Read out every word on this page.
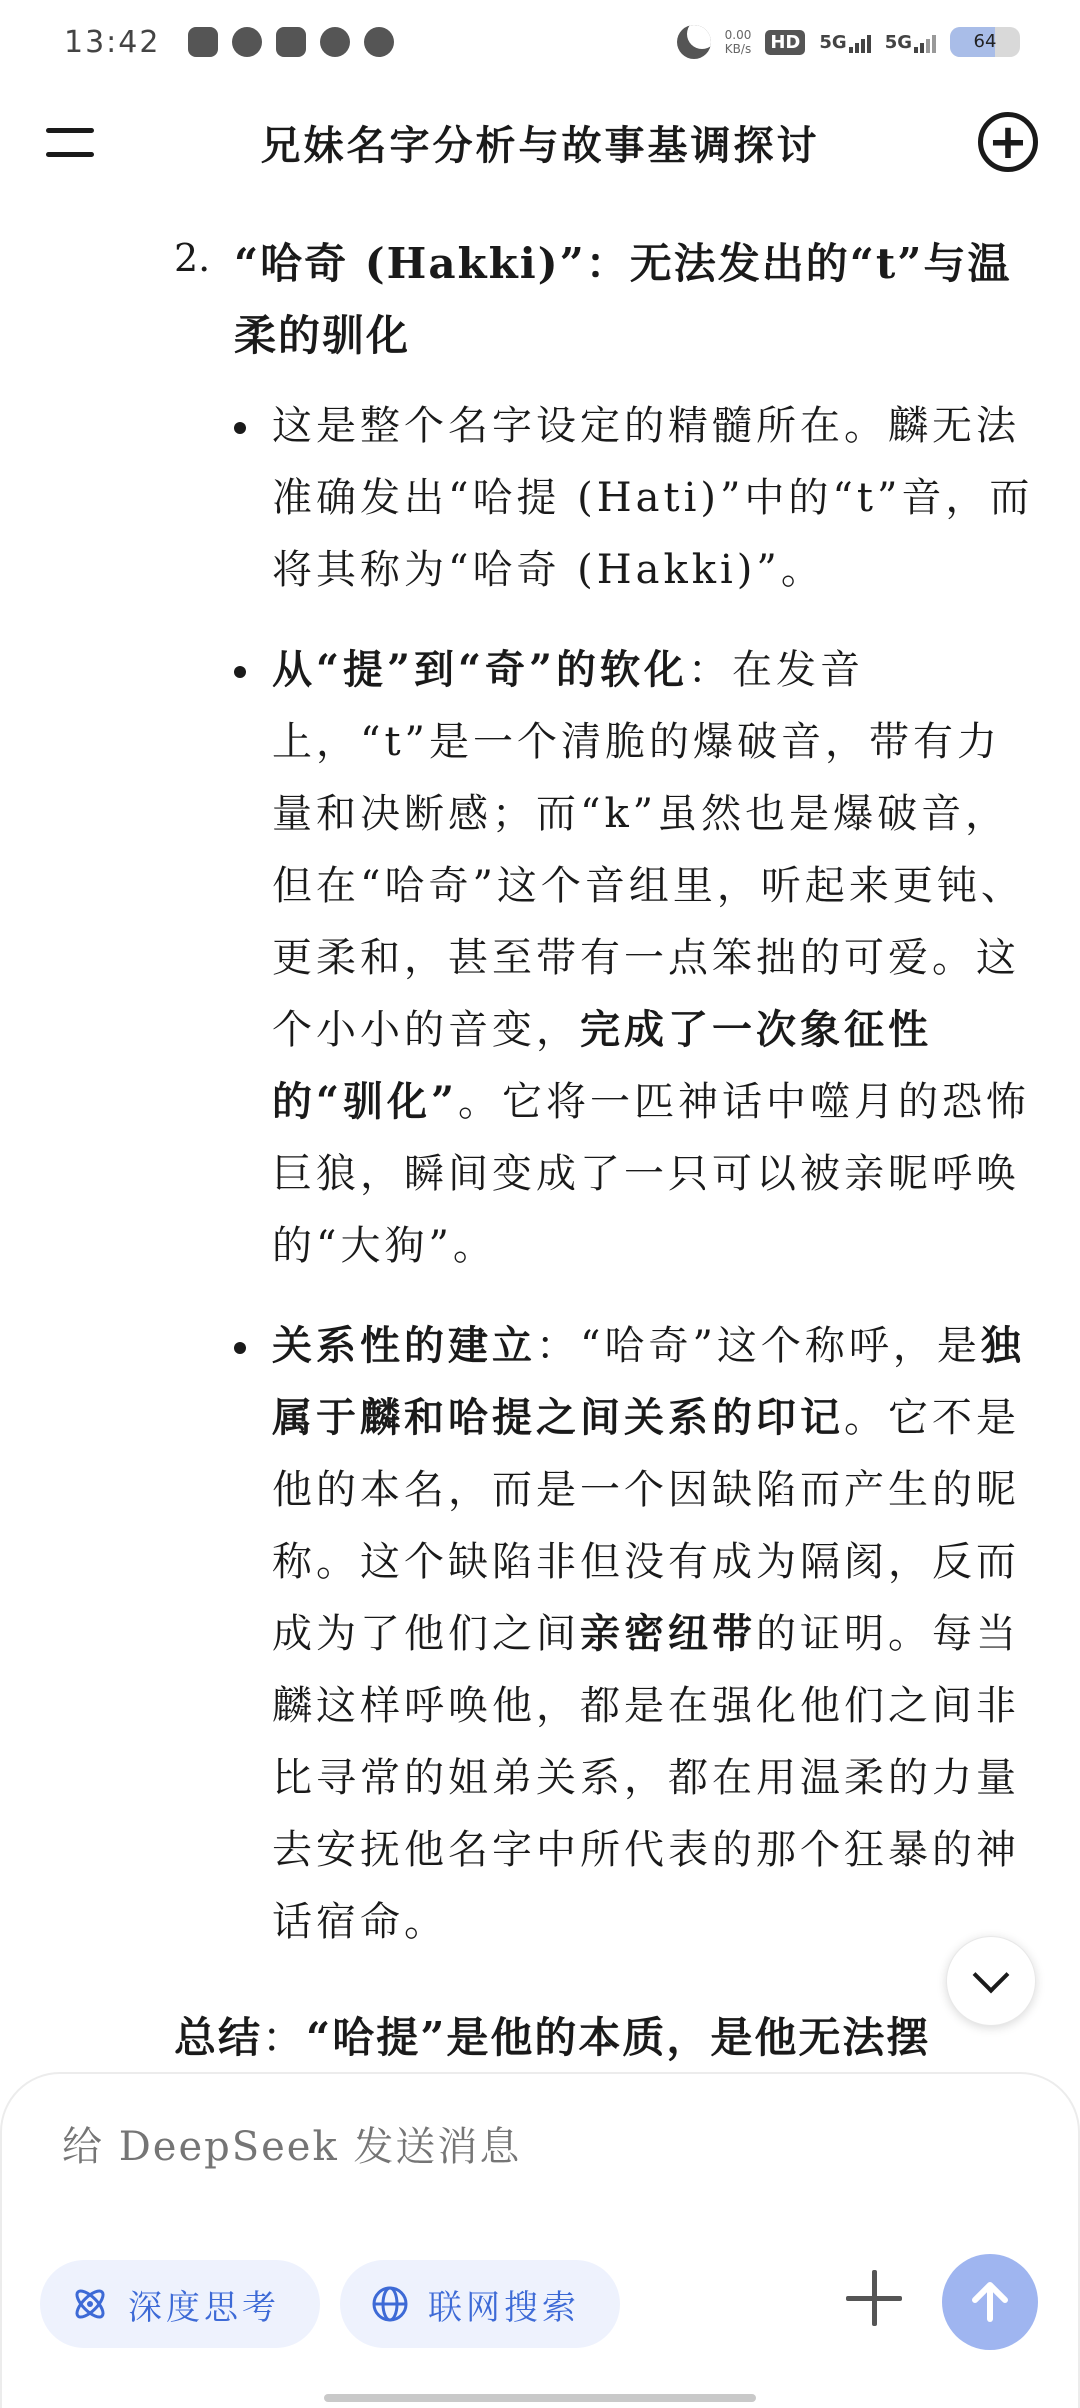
13:42	0.00
KB/s HD 5G 5G	64
兄妹名字分析与故事基调探讨	+
2. “哈奇 (Hakki)”：无法发出的“t”与温柔的驯化
这是整个名字设定的精髓所在。麟无法准确发出“哈提 (Hati)”中的“t”音，而将其称为“哈奇 (Hakki)”。
从“提”到“奇”的软化：在发音上，“t”是一个清脆的爆破音，带有力量和决断感；而“k”虽然也是爆破音，但在“哈奇”这个音组里，听起来更钝、更柔和，甚至带有一点笨拙的可爱。这个小小的音变，完成了一次象征性的“驯化”。它将一匹神话中噬月的恐怖巨狼，瞬间变成了一只可以被亲昵呼唤的“大狗”。
关系性的建立：“哈奇”这个称呼，是独属于麟和哈提之间关系的印记。它不是他的本名，而是一个因缺陷而产生的昵称。这个缺陷非但没有成为隔阂，反而成为了他们之间亲密纽带的证明。每当麟这样呼唤他，都是在强化他们之间非比寻常的姐弟关系，都在用温柔的力量去安抚他名字中所代表的那个狂暴的神话宿命。
总结：“哈提”是他的本质，是他无法摆
给 DeepSeek 发送消息
深度思考	联网搜索
